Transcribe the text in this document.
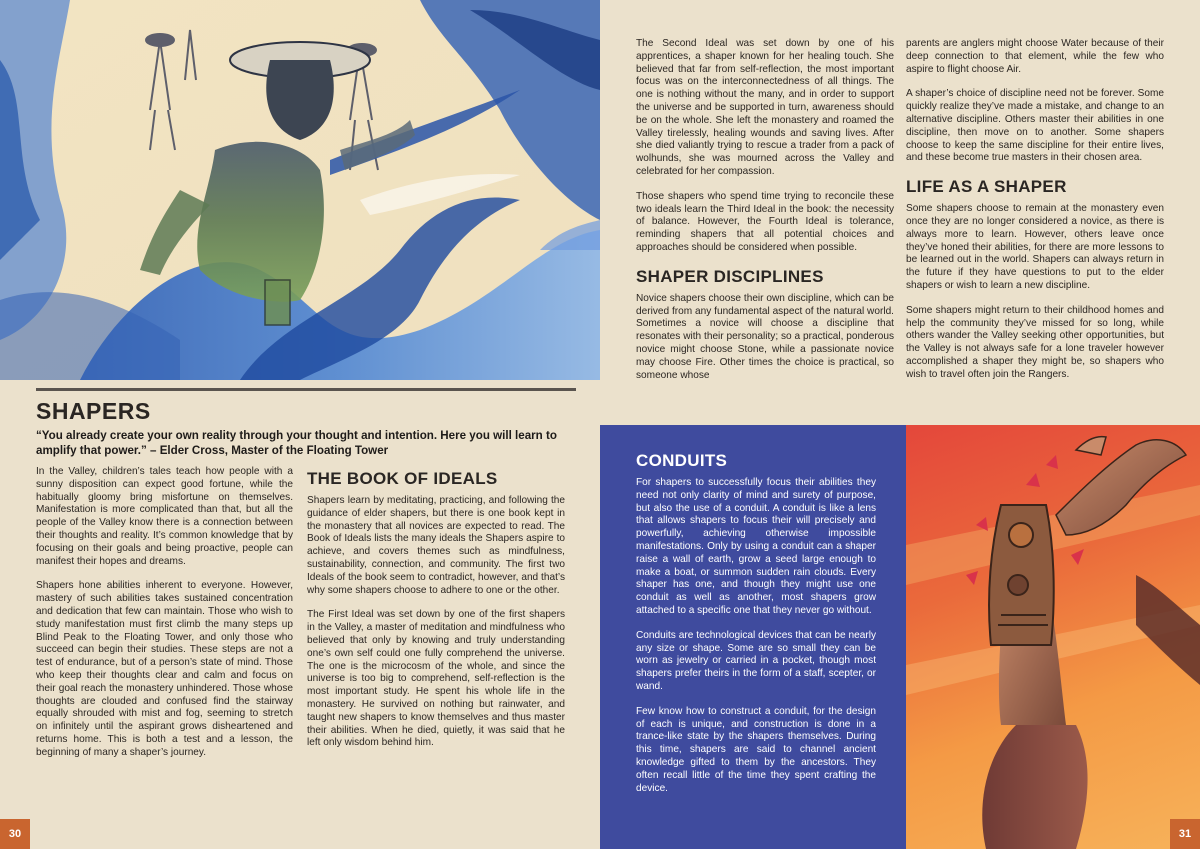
SHAPERS
“You already create your own reality through your thought and intention. Here you will learn to amplify that power.” – Elder Cross, Master of the Floating Tower

In the Valley, children’s tales teach how people with a sunny disposition can expect good fortune, while the habitually gloomy bring misfortune on themselves. Manifestation is more complicated than that, but all the people of the Valley know there is a connection between their thoughts and reality. It’s common knowledge that by focusing on their goals and being proactive, people can manifest their hopes and dreams.

Shapers hone abilities inherent to everyone. However, mastery of such abilities takes sustained concentration and dedication that few can maintain. Those who wish to study manifestation must first climb the many steps up Blind Peak to the Floating Tower, and only those who succeed can begin their studies. These steps are not a test of endurance, but of a person’s state of mind. Those who keep their thoughts clear and calm and focus on their goal reach the monastery unhindered. Those whose thoughts are clouded and confused find the stairway equally shrouded with mist and fog, seeming to stretch on infinitely until the aspirant grows disheartened and returns home. This is both a test and a lesson, the beginning of many a shaper’s journey.

THE BOOK OF IDEALS

Shapers learn by meditating, practicing, and following the guidance of elder shapers, but there is one book kept in the monastery that all novices are expected to read. The Book of Ideals lists the many ideals the Shapers aspire to achieve, and covers themes such as mindfulness, sustainability, connection, and community. The first two Ideals of the book seem to contradict, however, and that’s why some shapers choose to adhere to one or the other.

The First Ideal was set down by one of the first shapers in the Valley, a master of meditation and mindfulness who believed that only by knowing and truly understanding one’s own self could one fully comprehend the universe. The one is the microcosm of the whole, and since the universe is too big to comprehend, self-reflection is the most important study. He spent his whole life in the monastery. He survived on nothing but rainwater, and taught new shapers to know themselves and thus master their abilities. When he died, quietly, it was said that he left only wisdom behind him.

30

The Second Ideal was set down by one of his apprentices, a shaper known for her healing touch. She believed that far from self-reflection, the most important focus was on the interconnectedness of all things. The one is nothing without the many, and in order to support the universe and be supported in turn, awareness should be on the whole. She left the monastery and roamed the Valley tirelessly, healing wounds and saving lives. After she died valiantly trying to rescue a trader from a pack of wolhunds, she was mourned across the Valley and celebrated for her compassion.

Those shapers who spend time trying to reconcile these two ideals learn the Third Ideal in the book: the necessity of balance. However, the Fourth Ideal is tolerance, reminding shapers that all potential choices and approaches should be considered when possible.

SHAPER DISCIPLINES

Novice shapers choose their own discipline, which can be derived from any fundamental aspect of the natural world. Sometimes a novice will choose a discipline that resonates with their personality; so a practical, ponderous novice might choose Stone, while a passionate novice may choose Fire. Other times the choice is practical, so someone whose

parents are anglers might choose Water because of their deep connection to that element, while the few who aspire to flight choose Air.

A shaper’s choice of discipline need not be forever. Some quickly realize they’ve made a mistake, and change to an alternative discipline. Others master their abilities in one discipline, then move on to another. Some shapers choose to keep the same discipline for their entire lives, and these become true masters in their chosen area.

LIFE AS A SHAPER

Some shapers choose to remain at the monastery even once they are no longer considered a novice, as there is always more to learn. However, others leave once they’ve honed their abilities, for there are more lessons to be learned out in the world. Shapers can always return in the future if they have questions to put to the elder shapers or wish to learn a new discipline.

Some shapers might return to their childhood homes and help the community they’ve missed for so long, while others wander the Valley seeking other opportunities, but the Valley is not always safe for a lone traveler however accomplished a shaper they might be, so shapers who wish to travel often join the Rangers.

CONDUITS

For shapers to successfully focus their abilities they need not only clarity of mind and surety of purpose, but also the use of a conduit. A conduit is like a lens that allows shapers to focus their will precisely and powerfully, achieving otherwise impossible manifestations. Only by using a conduit can a shaper raise a wall of earth, grow a seed large enough to make a boat, or summon sudden rain clouds. Every shaper has one, and though they might use one conduit as well as another, most shapers grow attached to a specific one that they never go without.

Conduits are technological devices that can be nearly any size or shape. Some are so small they can be worn as jewelry or carried in a pocket, though most shapers prefer theirs in the form of a staff, scepter, or wand.

Few know how to construct a conduit, for the design of each is unique, and construction is done in a trance-like state by the shapers themselves. During this time, shapers are said to channel ancient knowledge gifted to them by the ancestors. They often recall little of the time they spent crafting the device.

31
